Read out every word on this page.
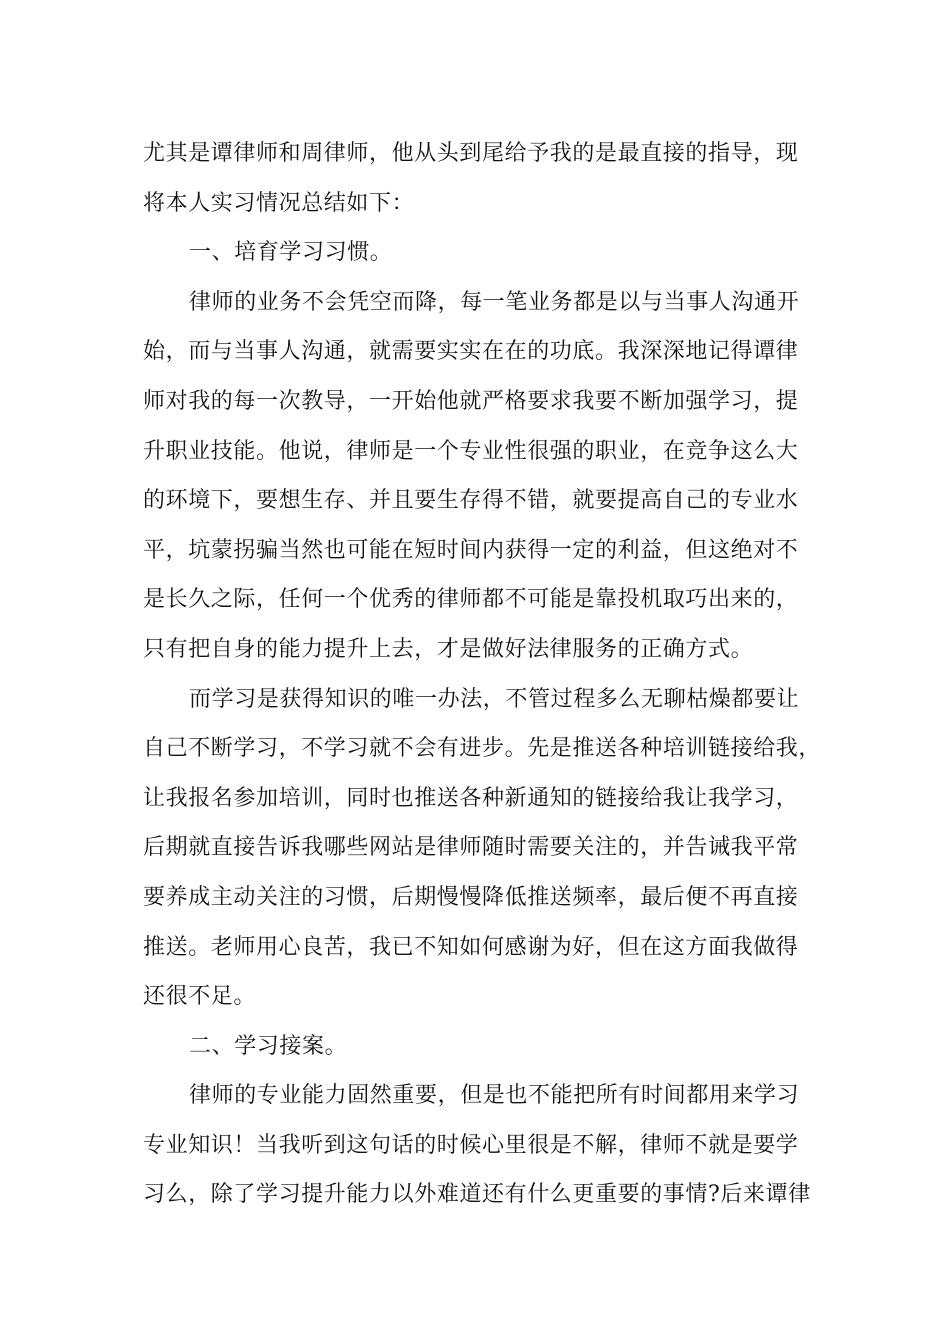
尤其是谭律师和周律师，他从头到尾给予我的是最直接的指导，现
将本人实习情况总结如下：
一、培育学习习惯。
律师的业务不会凭空而降，每一笔业务都是以与当事人沟通开
始，而与当事人沟通，就需要实实在在的功底。我深深地记得谭律
师对我的每一次教导，一开始他就严格要求我要不断加强学习，提
升职业技能。他说，律师是一个专业性很强的职业，在竞争这么大
的环境下，要想生存、并且要生存得不错，就要提高自己的专业水
平，坑蒙拐骗当然也可能在短时间内获得一定的利益，但这绝对不
是长久之际，任何一个优秀的律师都不可能是靠投机取巧出来的，
只有把自身的能力提升上去，才是做好法律服务的正确方式。
而学习是获得知识的唯一办法，不管过程多么无聊枯燥都要让
自己不断学习，不学习就不会有进步。先是推送各种培训链接给我，
让我报名参加培训，同时也推送各种新通知的链接给我让我学习，
后期就直接告诉我哪些网站是律师随时需要关注的，并告诫我平常
要养成主动关注的习惯，后期慢慢降低推送频率，最后便不再直接
推送。老师用心良苦，我已不知如何感谢为好，但在这方面我做得
还很不足。
二、学习接案。
律师的专业能力固然重要，但是也不能把所有时间都用来学习
专业知识！当我听到这句话的时候心里很是不解，律师不就是要学
习么，除了学习提升能力以外难道还有什么更重要的事情?后来谭律
